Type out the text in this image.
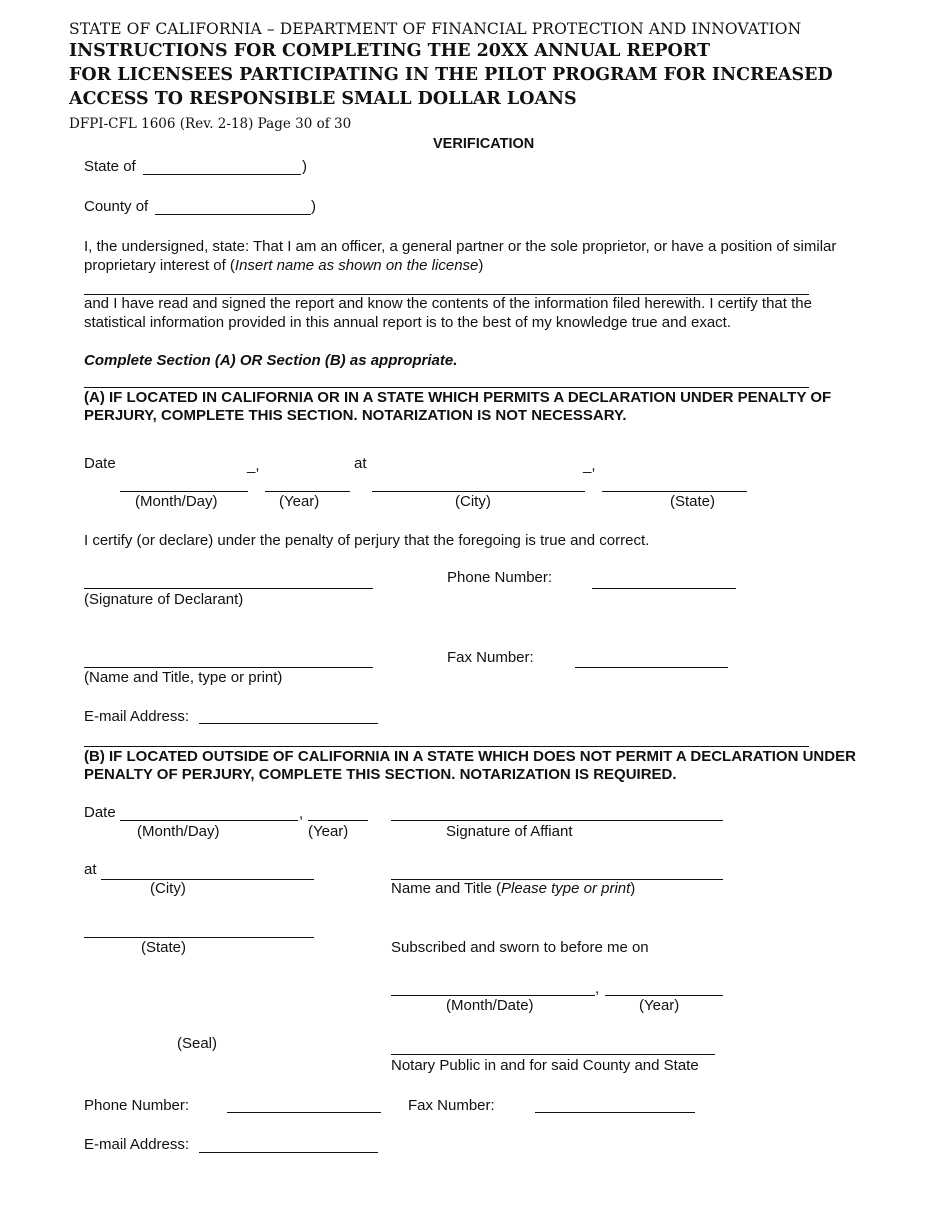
STATE OF CALIFORNIA – DEPARTMENT OF FINANCIAL PROTECTION AND INNOVATION
INSTRUCTIONS FOR COMPLETING THE 20XX ANNUAL REPORT
FOR LICENSEES PARTICIPATING IN THE PILOT PROGRAM FOR INCREASED
ACCESS TO RESPONSIBLE SMALL DOLLAR LOANS
DFPI-CFL 1606 (Rev. 2-18) Page 30 of 30
VERIFICATION
State of	)
County of	)
I, the undersigned, state: That I am an officer, a general partner or the sole proprietor, or have a position of similar proprietary interest of (Insert name as shown on the license)
and I have read and signed the report and know the contents of the information filed herewith. I certify that the statistical information provided in this annual report is to the best of my knowledge true and exact.
Complete Section (A) OR Section (B) as appropriate.
(A) IF LOCATED IN CALIFORNIA OR IN A STATE WHICH PERMITS A DECLARATION UNDER PENALTY OF PERJURY, COMPLETE THIS SECTION. NOTARIZATION IS NOT NECESSARY.
Date	_,	at	_,
(Month/Day)	(Year)	(City)	(State)
I certify (or declare) under the penalty of perjury that the foregoing is true and correct.
Phone Number:
(Signature of Declarant)
Fax Number:
(Name and Title, type or print)
E-mail Address:
(B) IF LOCATED OUTSIDE OF CALIFORNIA IN A STATE WHICH DOES NOT PERMIT A DECLARATION UNDER PENALTY OF PERJURY, COMPLETE THIS SECTION. NOTARIZATION IS REQUIRED.
Date	,
(Month/Day)	(Year)	Signature of Affiant
at
(City)	Name and Title (Please type or print)
(State)	Subscribed and sworn to before me on
,
(Month/Date)	(Year)
(Seal)
Notary Public in and for said County and State
Phone Number:	Fax Number:
E-mail Address:
